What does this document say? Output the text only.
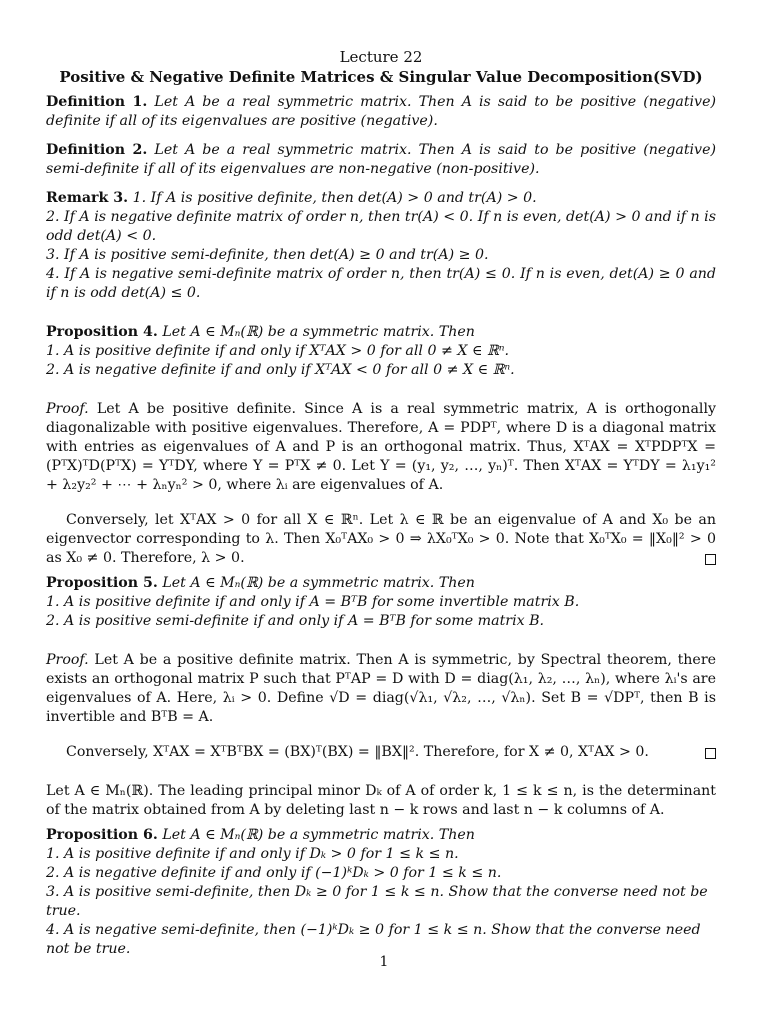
Lecture 22
Positive & Negative Definite Matrices & Singular Value Decomposition(SVD)

Definition 1. Let A be a real symmetric matrix. Then A is said to be positive (negative) definite if all of its eigenvalues are positive (negative).

Definition 2. Let A be a real symmetric matrix. Then A is said to be positive (negative) semi-definite if all of its eigenvalues are non-negative (non-positive).

Remark 3. 1. If A is positive definite, then det(A) > 0 and tr(A) > 0.
2. If A is negative definite matrix of order n, then tr(A) < 0. If n is even, det(A) > 0 and if n is odd det(A) < 0.
3. If A is positive semi-definite, then det(A) ≥ 0 and tr(A) ≥ 0.
4. If A is negative semi-definite matrix of order n, then tr(A) ≤ 0. If n is even, det(A) ≥ 0 and if n is odd det(A) ≤ 0.
Proposition 4. Let A ∈ Mₙ(ℝ) be a symmetric matrix. Then
1. A is positive definite if and only if XᵀAX > 0 for all 0 ≠ X ∈ ℝⁿ.
2. A is negative definite if and only if XᵀAX < 0 for all 0 ≠ X ∈ ℝⁿ.
Proof. Let A be positive definite. Since A is a real symmetric matrix, A is orthogonally diagonalizable with positive eigenvalues. Therefore, A = PDPᵀ, where D is a diagonal matrix with entries as eigenvalues of A and P is an orthogonal matrix. Thus, XᵀAX = XᵀPDPᵀX = (PᵀX)ᵀD(PᵀX) = YᵀDY, where Y = PᵀX ≠ 0. Let Y = (y₁, y₂, …, yₙ)ᵀ. Then XᵀAX = YᵀDY = λ₁y₁² + λ₂y₂² + ⋯ + λₙyₙ² > 0, where λᵢ are eigenvalues of A.
Conversely, let XᵀAX > 0 for all X ∈ ℝⁿ. Let λ ∈ ℝ be an eigenvalue of A and X₀ be an eigenvector corresponding to λ. Then X₀ᵀAX₀ > 0 ⇒ λX₀ᵀX₀ > 0. Note that X₀ᵀX₀ = ‖X₀‖² > 0 as X₀ ≠ 0. Therefore, λ > 0.
Proposition 5. Let A ∈ Mₙ(ℝ) be a symmetric matrix. Then
1. A is positive definite if and only if A = BᵀB for some invertible matrix B.
2. A is positive semi-definite if and only if A = BᵀB for some matrix B.
Proof. Let A be a positive definite matrix. Then A is symmetric, by Spectral theorem, there exists an orthogonal matrix P such that PᵀAP = D with D = diag(λ₁, λ₂, …, λₙ), where λᵢ's are eigenvalues of A. Here, λᵢ > 0. Define √D = diag(√λ₁, √λ₂, …, √λₙ). Set B = √DPᵀ, then B is invertible and BᵀB = A.
Conversely, XᵀAX = XᵀBᵀBX = (BX)ᵀ(BX) = ‖BX‖². Therefore, for X ≠ 0, XᵀAX > 0.

Let A ∈ Mₙ(ℝ). The leading principal minor Dₖ of A of order k, 1 ≤ k ≤ n, is the determinant of the matrix obtained from A by deleting last n − k rows and last n − k columns of A.

Proposition 6. Let A ∈ Mₙ(ℝ) be a symmetric matrix. Then
1. A is positive definite if and only if Dₖ > 0 for 1 ≤ k ≤ n.
2. A is negative definite if and only if (−1)ᵏDₖ > 0 for 1 ≤ k ≤ n.
3. A is positive semi-definite, then Dₖ ≥ 0 for 1 ≤ k ≤ n. Show that the converse need not be true.
4. A is negative semi-definite, then (−1)ᵏDₖ ≥ 0 for 1 ≤ k ≤ n. Show that the converse need not be true.
1
